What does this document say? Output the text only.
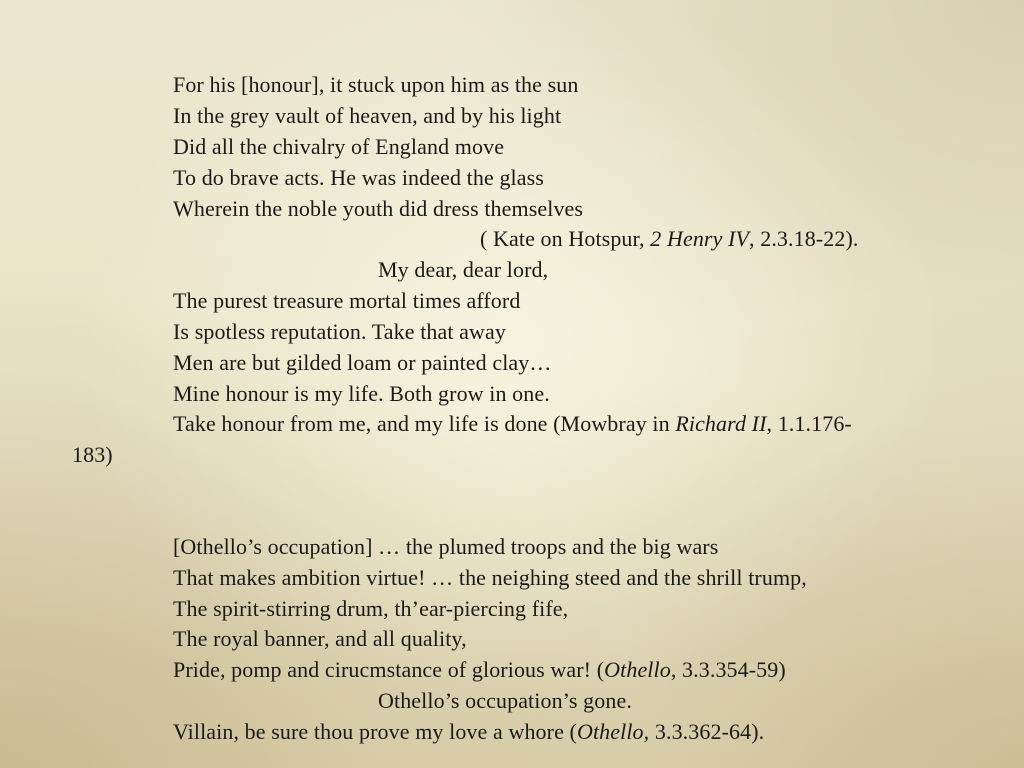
For his [honour], it stuck upon him as the sun
In the grey vault of heaven, and by his light
Did all the chivalry of England move
To do brave acts. He was indeed the glass
Wherein the noble youth did dress themselves
( Kate on Hotspur, 2 Henry IV, 2.3.18-22).
My dear, dear lord,
The purest treasure mortal times afford
Is spotless reputation. Take that away
Men are but gilded loam or painted clay…
Mine honour is my life. Both grow in one.
Take honour from me, and my life is done (Mowbray in Richard II, 1.1.176-
183)
[Othello’s occupation] … the plumed troops and the big wars
That makes ambition virtue! … the neighing steed and the shrill trump,
The spirit-stirring drum, th’ear-piercing fife,
The royal banner, and all quality,
Pride, pomp and cirucmstance of glorious war! (Othello, 3.3.354-59)
Othello’s occupation’s gone.
Villain, be sure thou prove my love a whore (Othello, 3.3.362-64).
